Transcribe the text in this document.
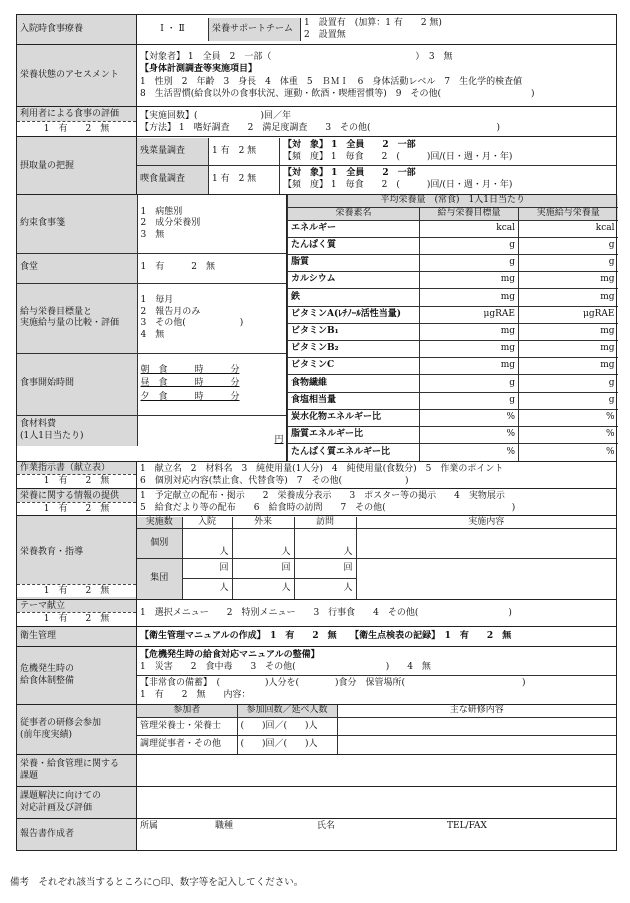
入院時食事療養		Ⅰ ・ Ⅱ	栄養サポートチーム	
1　設置有　(加算：1 有　　2 無)
2　設置無

栄養状態のアセスメント	
【対象者】 1　全員　2　一部（　　　　　　　　　　　　　　　　）　3　無
【身体計測調査等実施項目】
1　性別　2　年齢　3　身長　4　体重　5　ＢＭＩ　6　身体活動レベル　7　生化学的検査値
8　生活習慣(給食以外の食事状況、運動・飲酒・喫煙習慣等)　9　その他(　　　　　　　　　　)

利用者による食事の評価
1　有　　2　無

【実施回数】(　　　　　　　)回／年
【方法】 1　嗜好調査　　2　満足度調査　　3　その他(　　　　　　　　　　　　　　)

摂取量の把握	
残菜量調査	1 有　2 無	
【対　象】 1　全員　　2　一部
【頻　度】 1　毎食　　2　(　　　)回/(日・週・月・年)

喫食量調査	1 有　2 無	
【対　象】 1　全員　　2　一部
【頻　度】 1　毎食　　2　(　　　)回/(日・週・月・年)

約束食事箋	
1　病態別
2　成分栄養別
3　無

食堂	1　有　　　2　無

給与栄養目標量と
実施給与量の比較・評価

1　毎月
2　報告月のみ
3　その他(　　　　　　)
4　無

食事開始時間	
朝　食　　　時　　　分
昼　食　　　時　　　分
夕　食　　　時　　　分

食材料費
(1人1日当たり)	円

平均栄養量　(常食)　1人1日当たり
栄養素名	給与栄養目標量	実施給与栄養量
エネルギー	kcal	kcal
たんぱく質	g	g
脂質	g	g
カルシウム	mg	mg
鉄	mg	mg
ビタミンA(ﾚﾁﾉｰﾙ活性当量)	μgRAE	μgRAE
ビタミンB₁	mg	mg
ビタミンB₂	mg	mg
ビタミンC	mg	mg
食物繊維	g	g
食塩相当量	g	g
炭水化物エネルギー比	%	%
脂質エネルギー比	%	%
たんぱく質エネルギー比	%	%

作業指示書（献立表）
1　有　　2　無

1　献立名　2　材料名　3　純使用量(1人分)　4　純使用量(食数分)　5　作業のポイント
6　個別対応内容(禁止食、代替食等)　7　その他(　　　　　　　)

栄養に関する情報の提供
1　有　　2　無

1　予定献立の配布・掲示　　2　栄養成分表示　　3　ポスター等の掲示　　4　実物展示
5　給食だより等の配布　　6　給食時の訪問　　7　その他(　　　　　　　　　　　　　　)

栄養教育・指導
1　有　　2　無

実施数	入院	外来	訪問	実施内容
個別	人	人	人	
集団	回	回	回	
人	人	人

テーマ献立
1　有　　2　無
	1　選択メニュー　　2　特別メニュー　　3　行事食　　4　その他(　　　　　　　　　　)
衛生管理	【衛生管理マニュアルの作成】　1　有　　2　無　　【衛生点検表の記録】　1　有　　2　無

危機発生時の
給食体制整備

【危機発生時の給食対応マニュアルの整備】
1　災害　　2　食中毒　　3　その他(　　　　　　　　　　)　　4　無
【非常食の備蓄】　(　　　　　)人分を(　　　　)食分　保管場所(　　　　　　　　　　　　　)
1　有　　2　無　　内容：

従事者の研修会参加
(前年度実績)

参加者	参加回数／延べ人数	主な研修内容
管理栄養士・栄養士	(　　)回／(　　)人	
調理従事者・その他	(　　)回／(　　)人	

栄養・給食管理に関する
課題

課題解決に向けての
対応計画及び評価

報告書作成者	
所属	職種	氏名	TEL/FAX
備考　それぞれ該当するところに○印、数字等を記入してください。
